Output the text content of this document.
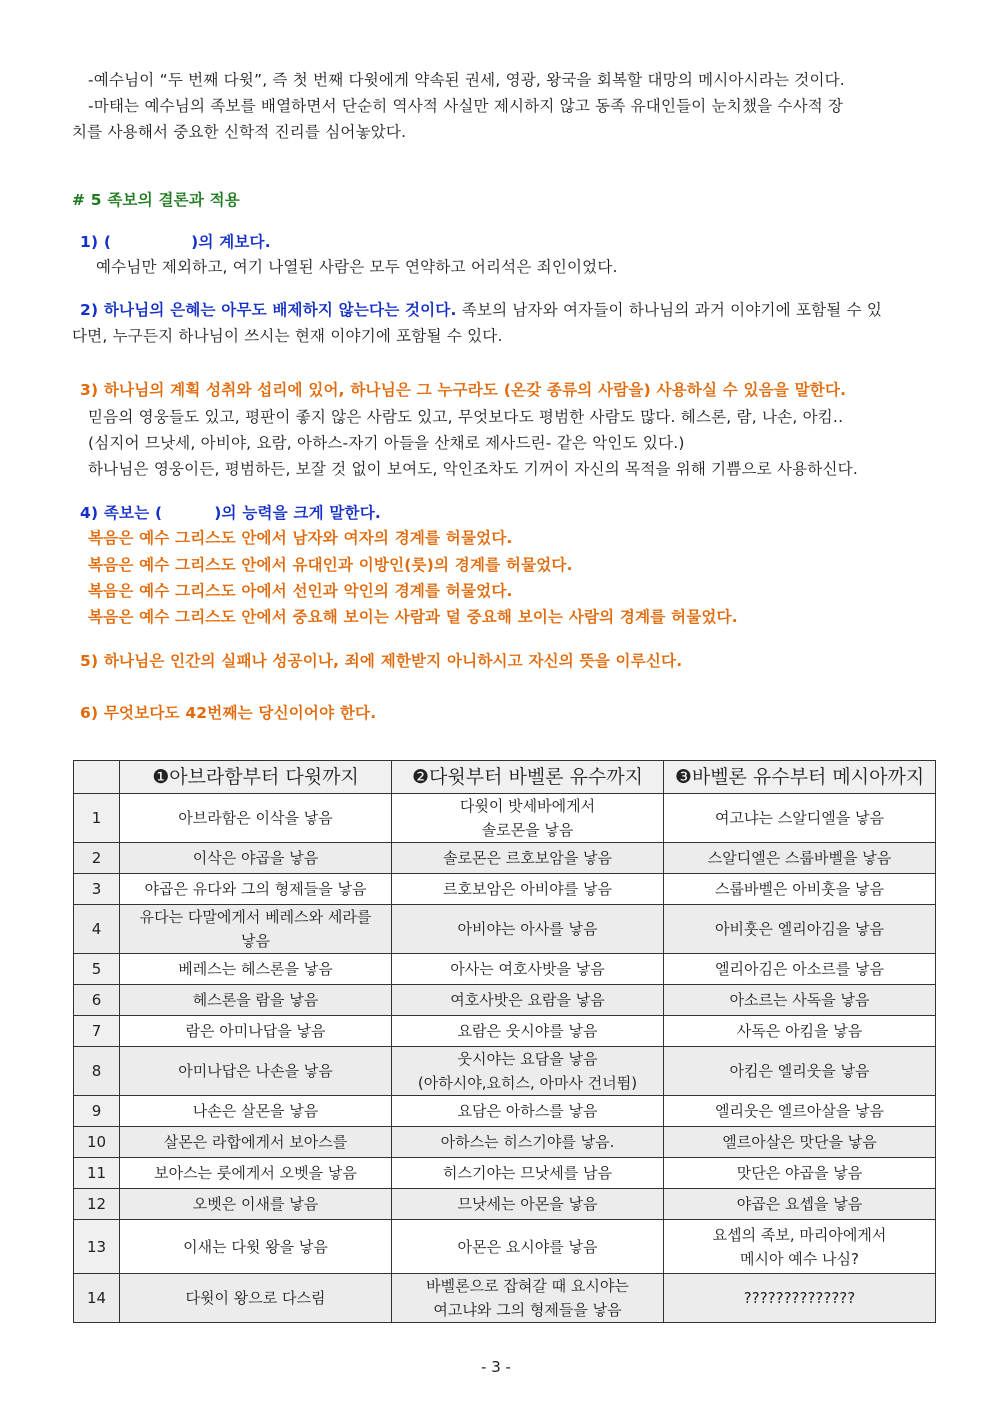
-예수님이 “두 번째 다윗”, 즉 첫 번째 다윗에게 약속된 권세, 영광, 왕국을 회복할 대망의 메시아시라는 것이다.
-마태는 예수님의 족보를 배열하면서 단순히 역사적 사실만 제시하지 않고 동족 유대인들이 눈치챘을 수사적 장
치를 사용해서 중요한 신학적 진리를 심어놓았다.
# 5 족보의 결론과 적용
1) (	)의 계보다.
예수님만 제외하고, 여기 나열된 사람은 모두 연약하고 어리석은 죄인이었다.
2) 하나님의 은혜는 아무도 배제하지 않는다는 것이다. 족보의 남자와 여자들이 하나님의 과거 이야기에 포함될 수 있
다면, 누구든지 하나님이 쓰시는 현재 이야기에 포함될 수 있다.
3) 하나님의 계획 성취와 섭리에 있어, 하나님은 그 누구라도 (온갖 종류의 사람을) 사용하실 수 있음을 말한다.
믿음의 영웅들도 있고, 평판이 좋지 않은 사람도 있고, 무엇보다도 평범한 사람도 많다. 헤스론, 람, 나손, 아킴..
(심지어 므낫세, 아비야, 요람, 아하스-자기 아들을 산채로 제사드린- 같은 악인도 있다.)
하나님은 영웅이든, 평범하든, 보잘 것 없이 보여도, 악인조차도 기꺼이 자신의 목적을 위해 기쁨으로 사용하신다.
4) 족보는 (	)의 능력을 크게 말한다.
복음은 예수 그리스도 안에서 남자와 여자의 경계를 허물었다.
복음은 예수 그리스도 안에서 유대인과 이방인(룻)의 경계를 허물었다.
복음은 예수 그리스도 아에서 선인과 악인의 경계를 허물었다.
복음은 예수 그리스도 안에서 중요해 보이는 사람과 덜 중요해 보이는 사람의 경계를 허물었다.
5) 하나님은 인간의 실패나 성공이나, 죄에 제한받지 아니하시고 자신의 뜻을 이루신다.
6) 무엇보다도 42번째는 당신이어야 한다.
	❶아브라함부터 다윗까지	❷다윗부터 바벨론 유수까지	❸바벨론 유수부터 메시아까지
1	아브라함은 이삭을 낳음	다윗이 밧세바에게서
솔로몬을 낳음	여고냐는 스알디엘을 낳음
2	이삭은 야곱을 낳음	솔로몬은 르호보암을 낳음	스알디엘은 스룹바벨을 낳음
3	야곱은 유다와 그의 형제들을 낳음	르호보암은 아비야를 낳음	스룹바벨은 아비훗을 낳음
4	유다는 다말에게서 베레스와 세라를
낳음	아비야는 아사를 낳음	아비훗은 엘리아김을 낳음
5	베레스는 헤스론을 낳음	아사는 여호사밧을 낳음	엘리아김은 아소르를 낳음
6	헤스론을 람을 낳음	여호사밧은 요람을 낳음	아소르는 사독을 낳음
7	람은 아미나답을 낳음	요람은 웃시야를 낳음	사독은 아킴을 낳음
8	아미나답은 나손을 낳음	웃시야는 요담을 낳음
(아하시야,요히스, 아마사 건너뜀)	아킴은 엘리웃을 낳음
9	나손은 살몬을 낳음	요담은 아하스를 낳음	엘리웃은 엘르아살을 낳음
10	살몬은 라합에게서 보아스를	아하스는 히스기야를 낳음.	엘르아살은 맛단을 낳음
11	보아스는 룻에게서 오벳을 낳음	히스기야는 므낫세를 남음	맛단은 야곱을 낳음
12	오벳은 이새를 낳음	므낫세는 아몬을 낳음	야곱은 요셉을 낳음
13	이새는 다윗 왕을 낳음	아몬은 요시야를 낳음	요셉의 족보, 마리아에게서
메시아 예수 나심?

14	다윗이 왕으로 다스림	바벨론으로 잡혀갈 때 요시야는
여고냐와 그의 형제들을 낳음	??????????????
- 3 -
